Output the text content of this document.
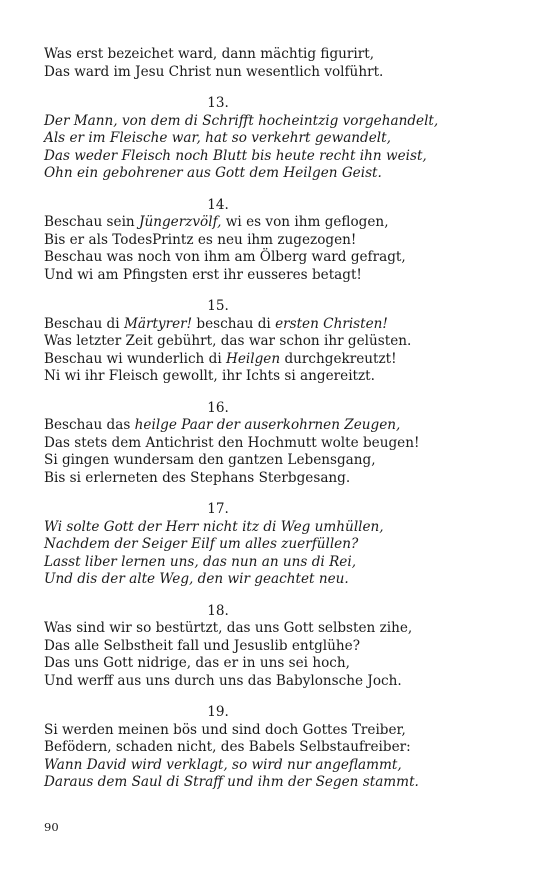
Was erst bezeichet ward, dann mächtig figurirt,
Das ward im Jesu Christ nun wesentlich volführt.
13.
Der Mann, von dem di Schrifft hocheintzig vorgehandelt,
Als er im Fleische war, hat so verkehrt gewandelt,
Das weder Fleisch noch Blutt bis heute recht ihn weist,
Ohn ein gebohrener aus Gott dem Heilgen Geist.
14.
Beschau sein Jüngerzvölf, wi es von ihm geflogen,
Bis er als TodesPrintz es neu ihm zugezogen!
Beschau was noch von ihm am Ölberg ward gefragt,
Und wi am Pfingsten erst ihr eusseres betagt!
15.
Beschau di Märtyrer! beschau di ersten Christen!
Was letzter Zeit gebührt, das war schon ihr gelüsten.
Beschau wi wunderlich di Heilgen durchgekreutzt!
Ni wi ihr Fleisch gewollt, ihr Ichts si angereitzt.
16.
Beschau das heilge Paar der auserkohrnen Zeugen,
Das stets dem Antichrist den Hochmutt wolte beugen!
Si gingen wundersam den gantzen Lebensgang,
Bis si erlerneten des Stephans Sterbgesang.
17.
Wi solte Gott der Herr nicht itz di Weg umhüllen,
Nachdem der Seiger Eilf um alles zuerfüllen?
Lasst liber lernen uns, das nun an uns di Rei,
Und dis der alte Weg, den wir geachtet neu.
18.
Was sind wir so bestürtzt, das uns Gott selbsten zihe,
Das alle Selbstheit fall und Jesuslib entglühe?
Das uns Gott nidrige, das er in uns sei hoch,
Und werff aus uns durch uns das Babylonsche Joch.
19.
Si werden meinen bös und sind doch Gottes Treiber,
Befödern, schaden nicht, des Babels Selbstaufreiber:
Wann David wird verklagt, so wird nur angeflammt,
Daraus dem Saul di Straff und ihm der Segen stammt.
90
